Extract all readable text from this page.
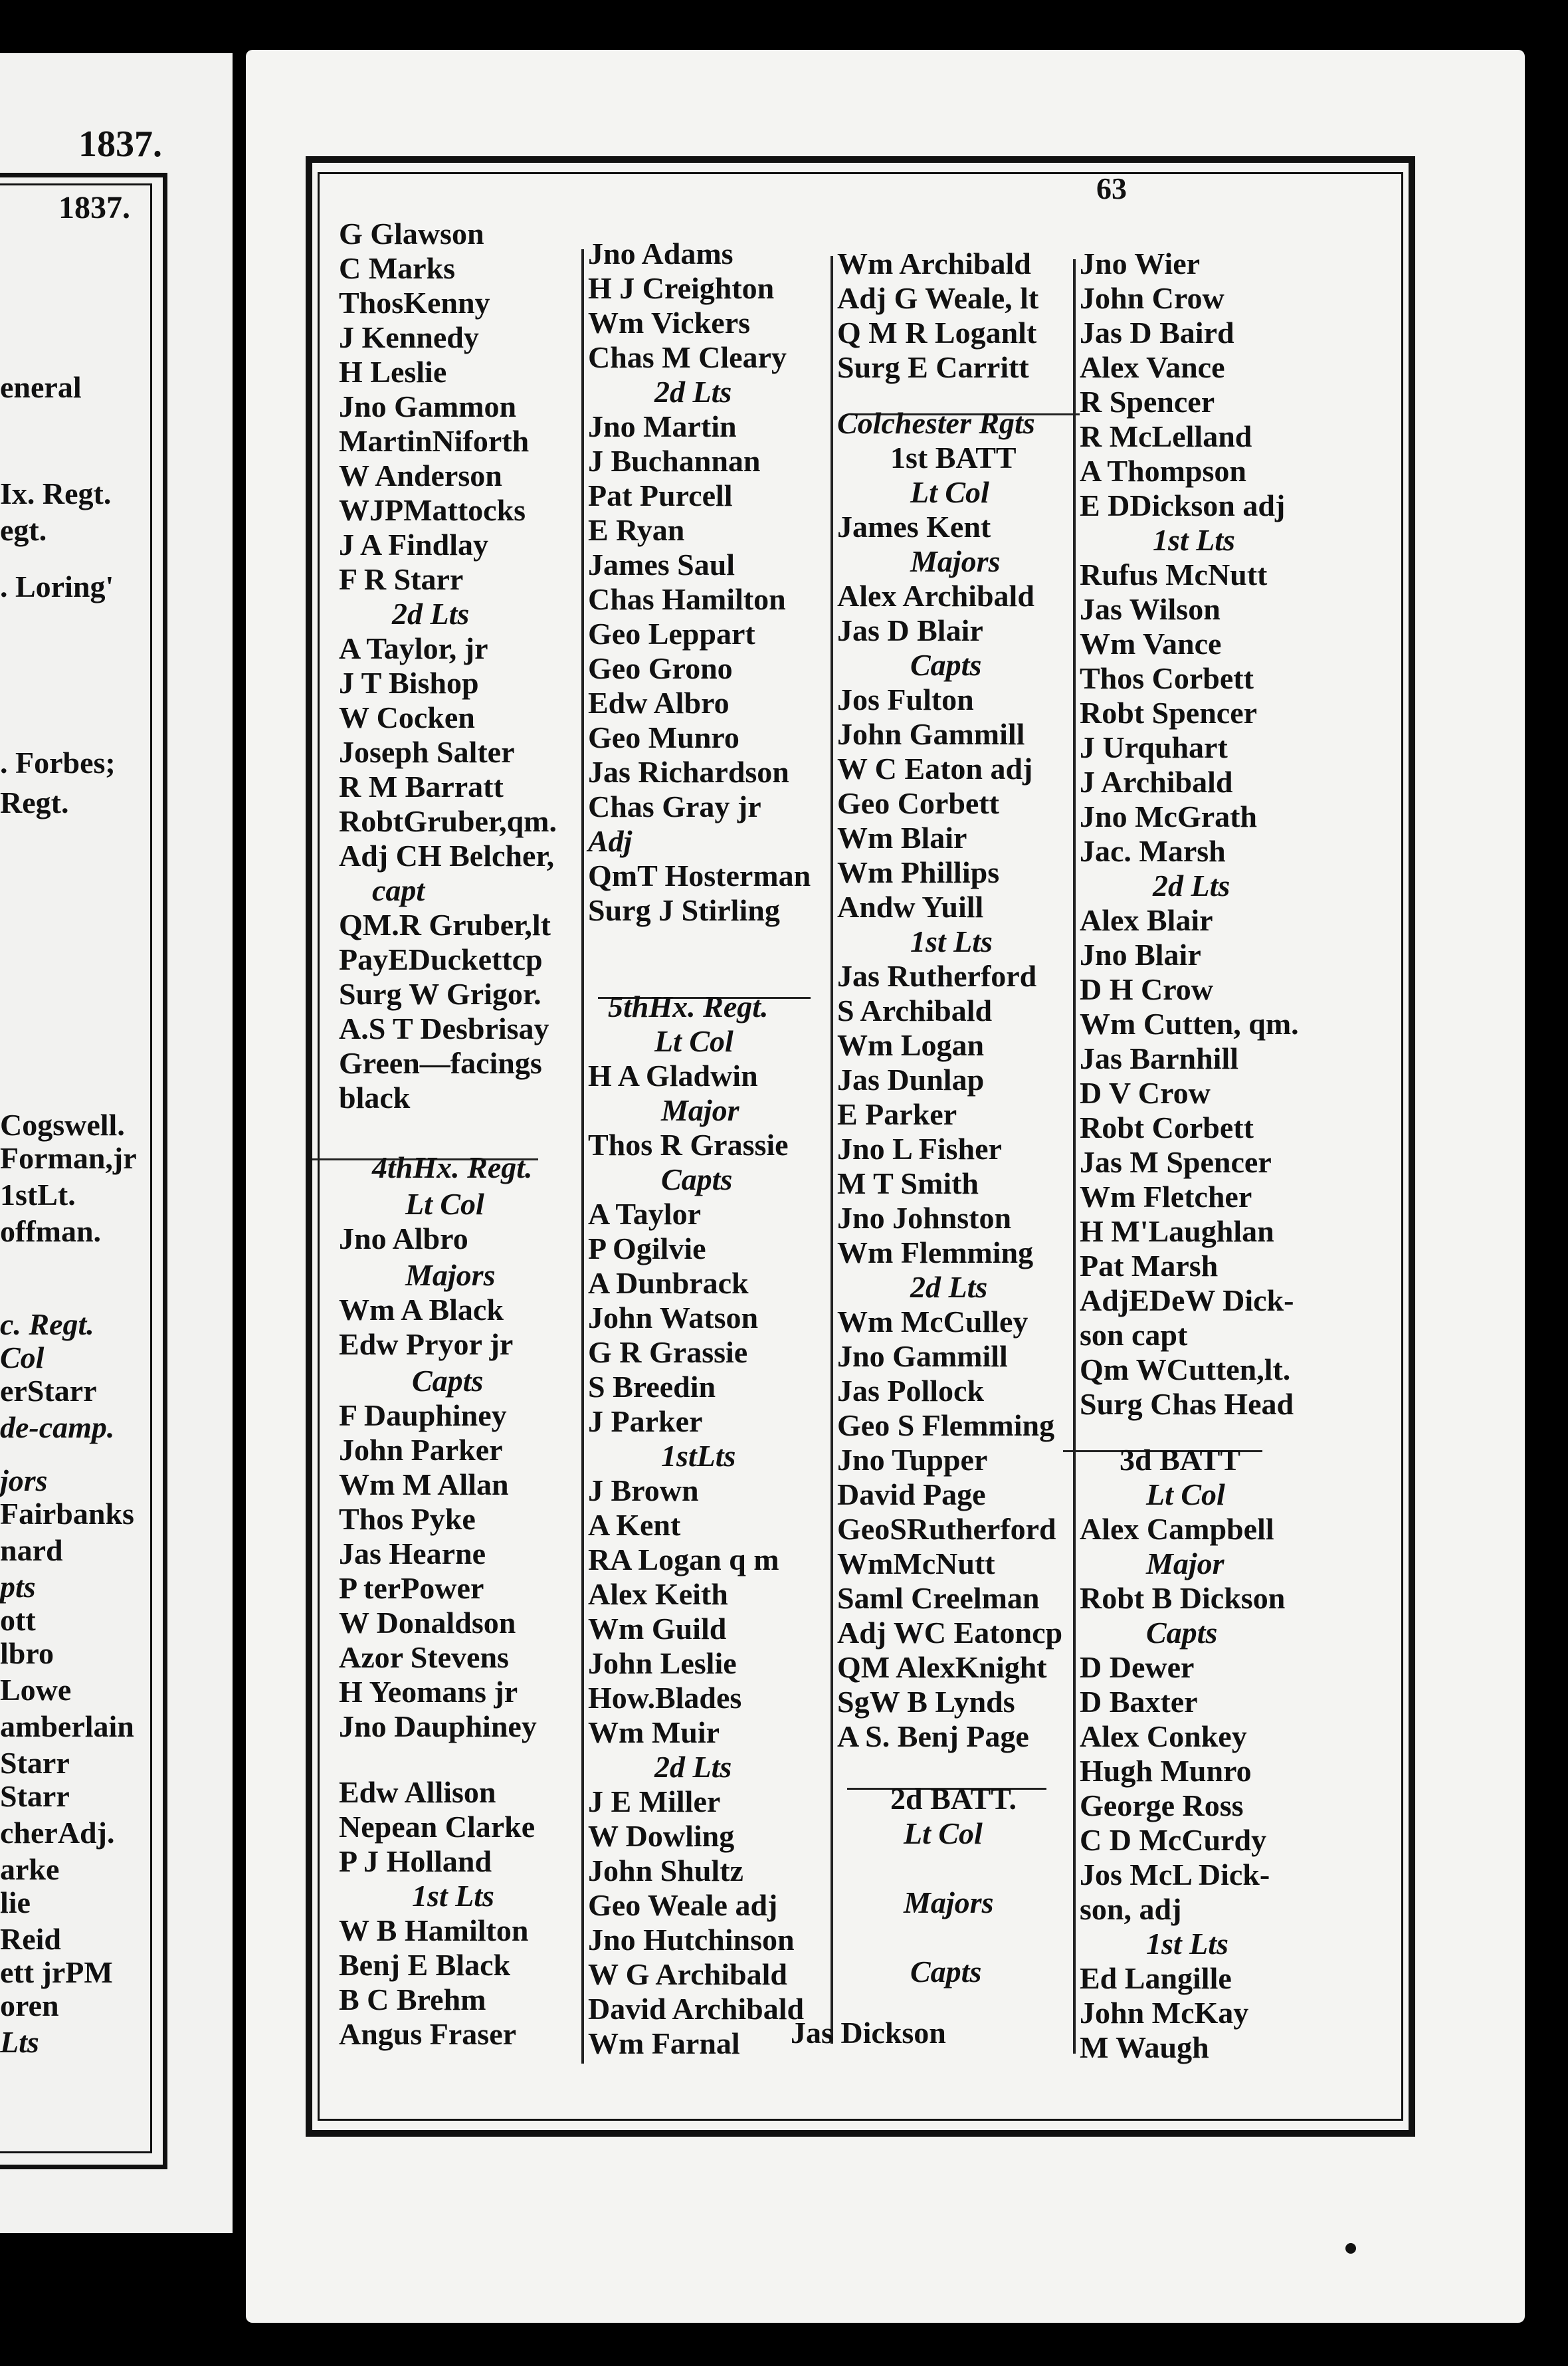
1837.
eneral
Ix. Regt.
egt.
. Loring'
. Forbes;
Regt.
Cogswell.
Forman,jr
1stLt.
offman.
c. Regt.
Col
erStarr
de-camp.
jors
Fairbanks
nard
pts
ott
lbro
Lowe
amberlain
Starr
Starr
cherAdj.
arke
lie
Reid
ett jrPM
oren
Lts
1837.
63
G Glawson
C Marks
ThosKenny
J Kennedy
H Leslie
Jno Gammon
MartinNiforth
W Anderson
WJPMattocks
J A Findlay
F R Starr
2d Lts
A Taylor, jr
J T Bishop
W Cocken
Joseph Salter
R M Barratt
RobtGruber,qm.
Adj CH Belcher,
capt
QM.R Gruber,lt
PayEDuckettcp
Surg W Grigor.
A.S T Desbrisay
Green—facings
black
4thHx. Regt.
Lt Col
Jno Albro
Majors
Wm A Black
Edw Pryor jr
Capts
F Dauphiney
John Parker
Wm M Allan
Thos Pyke
Jas Hearne
P terPower
W Donaldson
Azor Stevens
H Yeomans jr
Jno Dauphiney
Edw Allison
Nepean Clarke
P J Holland
1st Lts
W B Hamilton
Benj E Black
B C Brehm
Angus Fraser
Jno Adams
H J Creighton
Wm Vickers
Chas M Cleary
2d Lts
Jno Martin
J Buchannan
Pat Purcell
E Ryan
James Saul
Chas Hamilton
Geo Leppart
Geo Grono
Edw Albro
Geo Munro
Jas Richardson
Chas Gray jr
Adj
QmT Hosterman
Surg J Stirling
5thHx. Regt.
Lt Col
H A Gladwin
Major
Thos R Grassie
Capts
A Taylor
P Ogilvie
A Dunbrack
John Watson
G R Grassie
S Breedin
J Parker
1stLts
J Brown
A Kent
RA Logan q m
Alex Keith
Wm Guild
John Leslie
How.Blades
Wm Muir
2d Lts
J E Miller
W Dowling
John Shultz
Geo Weale adj
Jno Hutchinson
W G Archibald
David Archibald
Wm Farnal
Wm Archibald
Adj G Weale, lt
Q M R Loganlt
Surg E Carritt
Colchester Rgts
1st BATT
Lt Col
James Kent
Majors
Alex Archibald
Jas D Blair
Capts
Jos Fulton
John Gammill
W C Eaton adj
Geo Corbett
Wm Blair
Wm Phillips
Andw Yuill
1st Lts
Jas Rutherford
S Archibald
Wm Logan
Jas Dunlap
E Parker
Jno L Fisher
M T Smith
Jno Johnston
Wm Flemming
2d Lts
Wm McCulley
Jno Gammill
Jas Pollock
Geo S Flemming
Jno Tupper
David Page
GeoSRutherford
WmMcNutt
Saml Creelman
Adj WC Eatoncp
QM AlexKnight
SgW B Lynds
A S. Benj Page
2d BATT.
Lt Col
Majors
Capts
Jas Dickson
Jno Wier
John Crow
Jas D Baird
Alex Vance
R Spencer
R McLelland
A Thompson
E DDickson adj
1st Lts
Rufus McNutt
Jas Wilson
Wm Vance
Thos Corbett
Robt Spencer
J Urquhart
J Archibald
Jno McGrath
Jac. Marsh
2d Lts
Alex Blair
Jno Blair
D H Crow
Wm Cutten, qm.
Jas Barnhill
D V Crow
Robt Corbett
Jas M Spencer
Wm Fletcher
H M'Laughlan
Pat Marsh
AdjEDeW Dick-
son capt
Qm WCutten,lt.
Surg Chas Head
3d BATT
Lt Col
Alex Campbell
Major
Robt B Dickson
Capts
D Dewer
D Baxter
Alex Conkey
Hugh Munro
George Ross
C D McCurdy
Jos McL Dick-
son, adj
1st Lts
Ed Langille
John McKay
M Waugh
